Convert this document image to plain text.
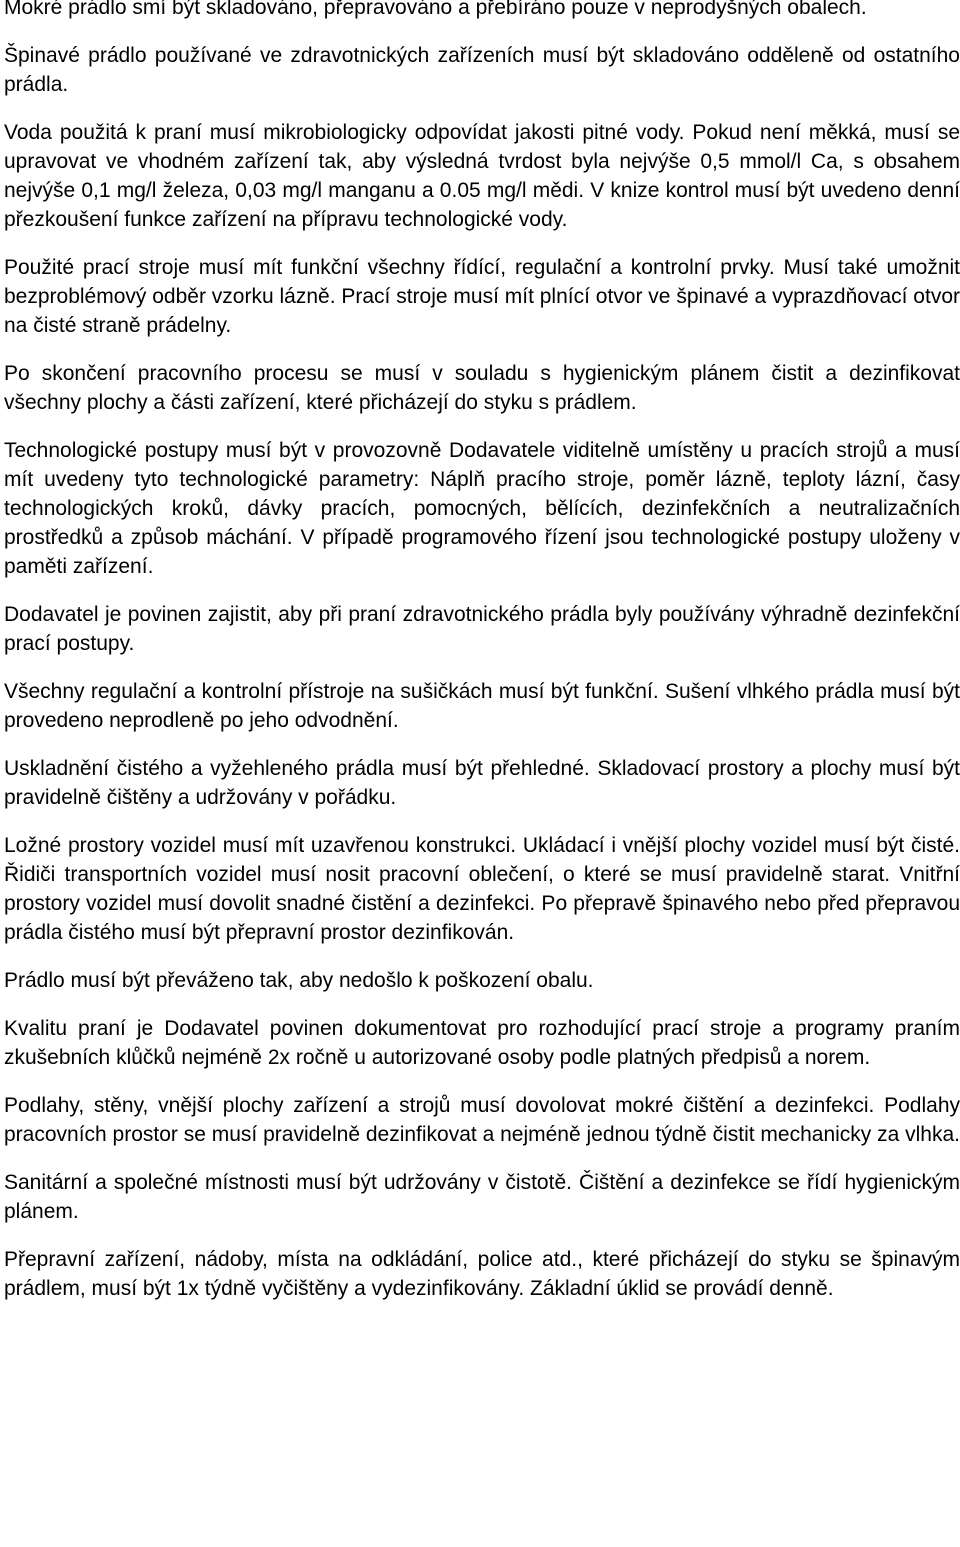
Mokré prádlo smí být skladováno, přepravováno a přebíráno pouze v neprodyšných obalech.

Špinavé prádlo používané ve zdravotnických zařízeních musí být skladováno odděleně od ostatního prádla.

Voda použitá k praní musí mikrobiologicky odpovídat jakosti pitné vody. Pokud není měkká, musí se upravovat ve vhodném zařízení tak, aby výsledná tvrdost byla nejvýše 0,5 mmol/l Ca, s obsahem nejvýše 0,1 mg/l železa, 0,03 mg/l manganu a 0.05 mg/l mědi. V knize kontrol musí být uvedeno denní přezkoušení funkce zařízení na přípravu technologické vody.

Použité prací stroje musí mít funkční všechny řídící, regulační a kontrolní prvky. Musí také umožnit bezproblémový odběr vzorku lázně. Prací stroje musí mít plnící otvor ve špinavé a vyprazdňovací otvor na čisté straně prádelny.

Po skončení pracovního procesu se musí v souladu s hygienickým plánem čistit a dezinfikovat všechny plochy a části zařízení, které přicházejí do styku s prádlem.

Technologické postupy musí být v provozovně Dodavatele viditelně umístěny u pracích strojů a musí mít uvedeny tyto technologické parametry: Náplň pracího stroje, poměr lázně, teploty lázní, časy technologických kroků, dávky pracích, pomocných, bělících, dezinfekčních a neutralizačních prostředků a způsob máchání. V případě programového řízení jsou technologické postupy uloženy v paměti zařízení.

Dodavatel je povinen zajistit, aby při praní zdravotnického prádla byly používány výhradně dezinfekční prací postupy.

Všechny regulační a kontrolní přístroje na sušičkách musí být funkční. Sušení vlhkého prádla musí být provedeno neprodleně po jeho odvodnění.

Uskladnění čistého a vyžehleného prádla musí být přehledné. Skladovací prostory a plochy musí být pravidelně čištěny a udržovány v pořádku.

Ložné prostory vozidel musí mít uzavřenou konstrukci. Ukládací i vnější plochy vozidel musí být čisté. Řidiči transportních vozidel musí nosit pracovní oblečení, o které se musí pravidelně starat. Vnitřní prostory vozidel musí dovolit snadné čistění a dezinfekci. Po přepravě špinavého nebo před přepravou prádla čistého musí být přepravní prostor dezinfikován.

Prádlo musí být převáženo tak, aby nedošlo k poškození obalu.

Kvalitu praní je Dodavatel povinen dokumentovat pro rozhodující prací stroje a programy praním zkušebních klůčků nejméně 2x ročně u autorizované osoby podle platných předpisů a norem.

Podlahy, stěny, vnější plochy zařízení a strojů musí dovolovat mokré čištění a dezinfekci. Podlahy pracovních prostor se musí pravidelně dezinfikovat a nejméně jednou týdně čistit mechanicky za vlhka.

Sanitární a společné místnosti musí být udržovány v čistotě. Čištění a dezinfekce se řídí hygienickým plánem.

Přepravní zařízení, nádoby, místa na odkládání, police atd., které přicházejí do styku se špinavým prádlem, musí být 1x týdně vyčištěny a vydezinfikovány. Základní úklid se provádí denně.
